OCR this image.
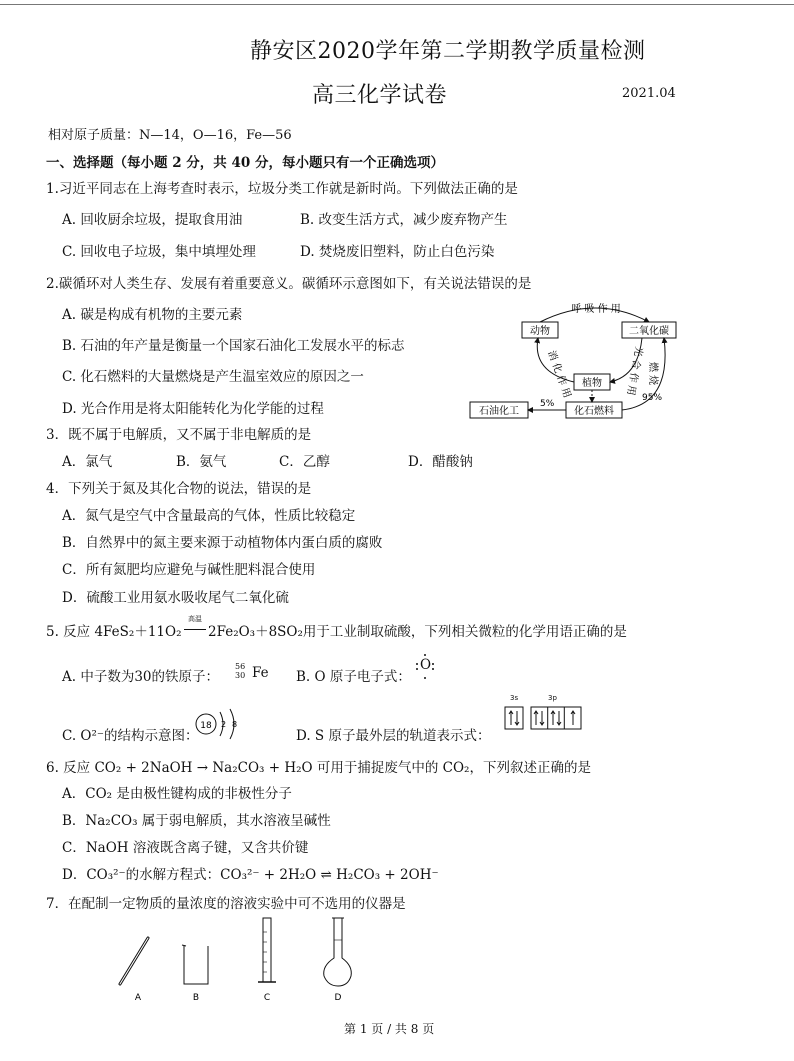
静安区2020学年第二学期教学质量检测
高三化学试卷	2021.04
相对原子质量：N—14，O—16，Fe—56
一、选择题（每小题 2 分，共 40 分，每小题只有一个正确选项）
1.习近平同志在上海考查时表示，垃圾分类工作就是新时尚。下列做法正确的是
A. 回收厨余垃圾，提取食用油	B. 改变生活方式，减少废弃物产生
C. 回收电子垃圾，集中填埋处理	D. 焚烧废旧塑料，防止白色污染
2.碳循环对人类生存、发展有着重要意义。碳循环示意图如下，有关说法错误的是
A. 碳是构成有机物的主要元素
B. 石油的年产量是衡量一个国家石油化工发展水平的标志
C. 化石燃料的大量燃烧是产生温室效应的原因之一
D. 光合作用是将太阳能转化为化学能的过程
动物	二氧化碳
植物
化石燃料
石油化工
呼 吸 作 用
消 化 作 用	光 合 作 用 燃 烧
95%
5%
3．既不属于电解质，又不属于非电解质的是
A．氯气	B．氨气	C．乙醇	D．醋酸钠
4．下列关于氮及其化合物的说法，错误的是
A．氮气是空气中含量最高的气体，性质比较稳定
B．自然界中的氮主要来源于动植物体内蛋白质的腐败
C．所有氮肥均应避免与碱性肥料混合使用
D．硫酸工业用氨水吸收尾气二氧化硫
5. 反应 4FeS₂＋11O₂
高温
2Fe₂O₃＋8SO₂用于工业制取硫酸，下列相关微粒的化学用语正确的是
A. 中子数为30的铁原子：
56
30 Fe B. O 原子电子式：
O
C. O²⁻的结构示意图：
18 2 8
D. S 原子最外层的轨道表示式：
3s	3p
6. 反应 CO₂ + 2NaOH → Na₂CO₃ + H₂O 可用于捕捉废气中的 CO₂，下列叙述正确的是
A．CO₂ 是由极性键构成的非极性分子
B．Na₂CO₃ 属于弱电解质，其水溶液呈碱性
C．NaOH 溶液既含离子键，又含共价键
D．CO₃²⁻的水解方程式：CO₃²⁻ + 2H₂O ⇌ H₂CO₃ + 2OH⁻
7．在配制一定物质的量浓度的溶液实验中可不选用的仪器是
A	B	C	D
第 1 页 / 共 8 页
